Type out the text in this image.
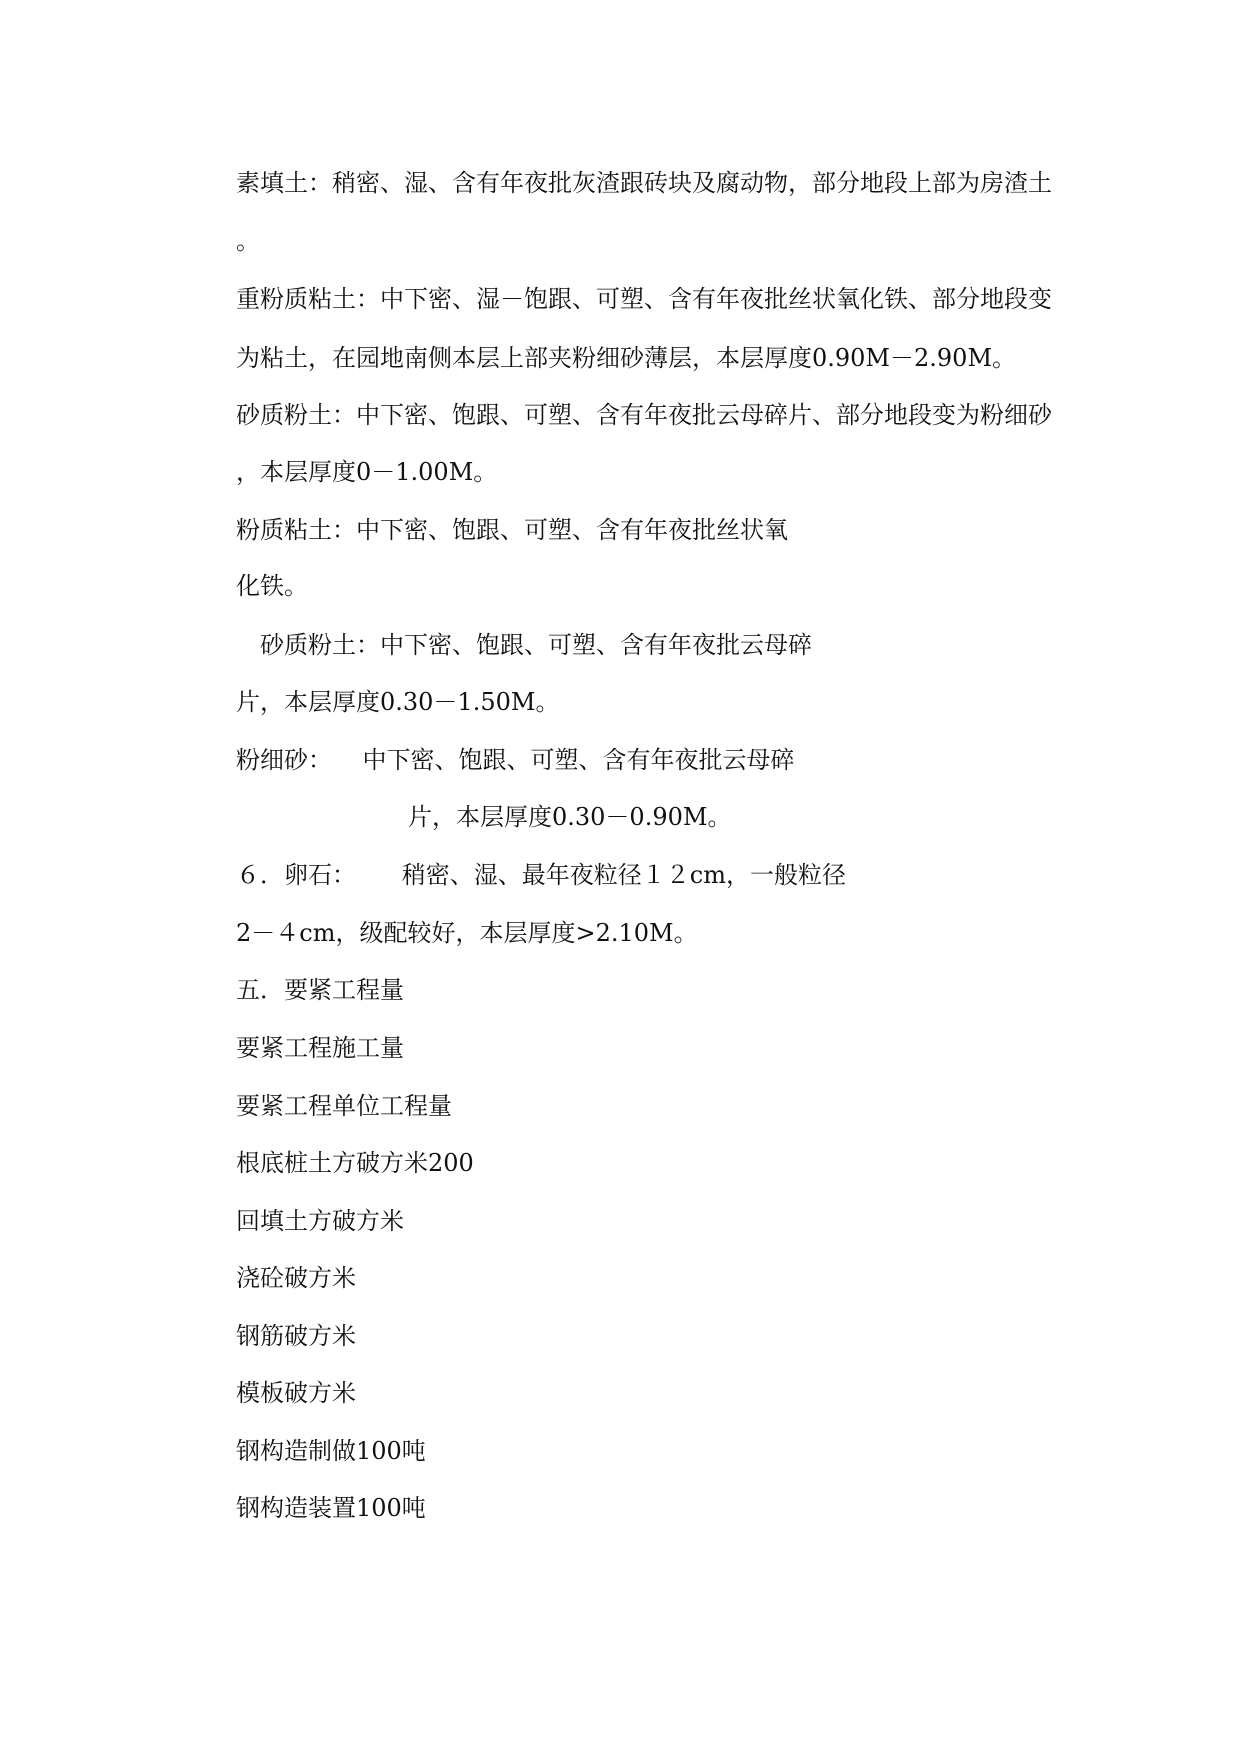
素填土：稍密、湿、含有年夜批灰渣跟砖块及腐动物，部分地段上部为房渣土
。
重粉质粘土：中下密、湿－饱跟、可塑、含有年夜批丝状氧化铁、部分地段变
为粘土，在园地南侧本层上部夹粉细砂薄层，本层厚度0.90M－2.90M。
砂质粉土：中下密、饱跟、可塑、含有年夜批云母碎片、部分地段变为粉细砂
，本层厚度0－1.00M。
粉质粘土：中下密、饱跟、可塑、含有年夜批丝状氧
化铁。
砂质粉土：中下密、饱跟、可塑、含有年夜批云母碎
片，本层厚度0.30－1.50M。
粉细砂：    中下密、饱跟、可塑、含有年夜批云母碎
片，本层厚度0.30－0.90M。
６．卵石：      稍密、湿、最年夜粒径１２cm，一般粒径
2－４cm，级配较好，本层厚度>2.10M。
五．要紧工程量
要紧工程施工量
要紧工程单位工程量
根底桩土方破方米200
回填土方破方米
浇砼破方米
钢筋破方米
模板破方米
钢构造制做100吨
钢构造装置100吨
